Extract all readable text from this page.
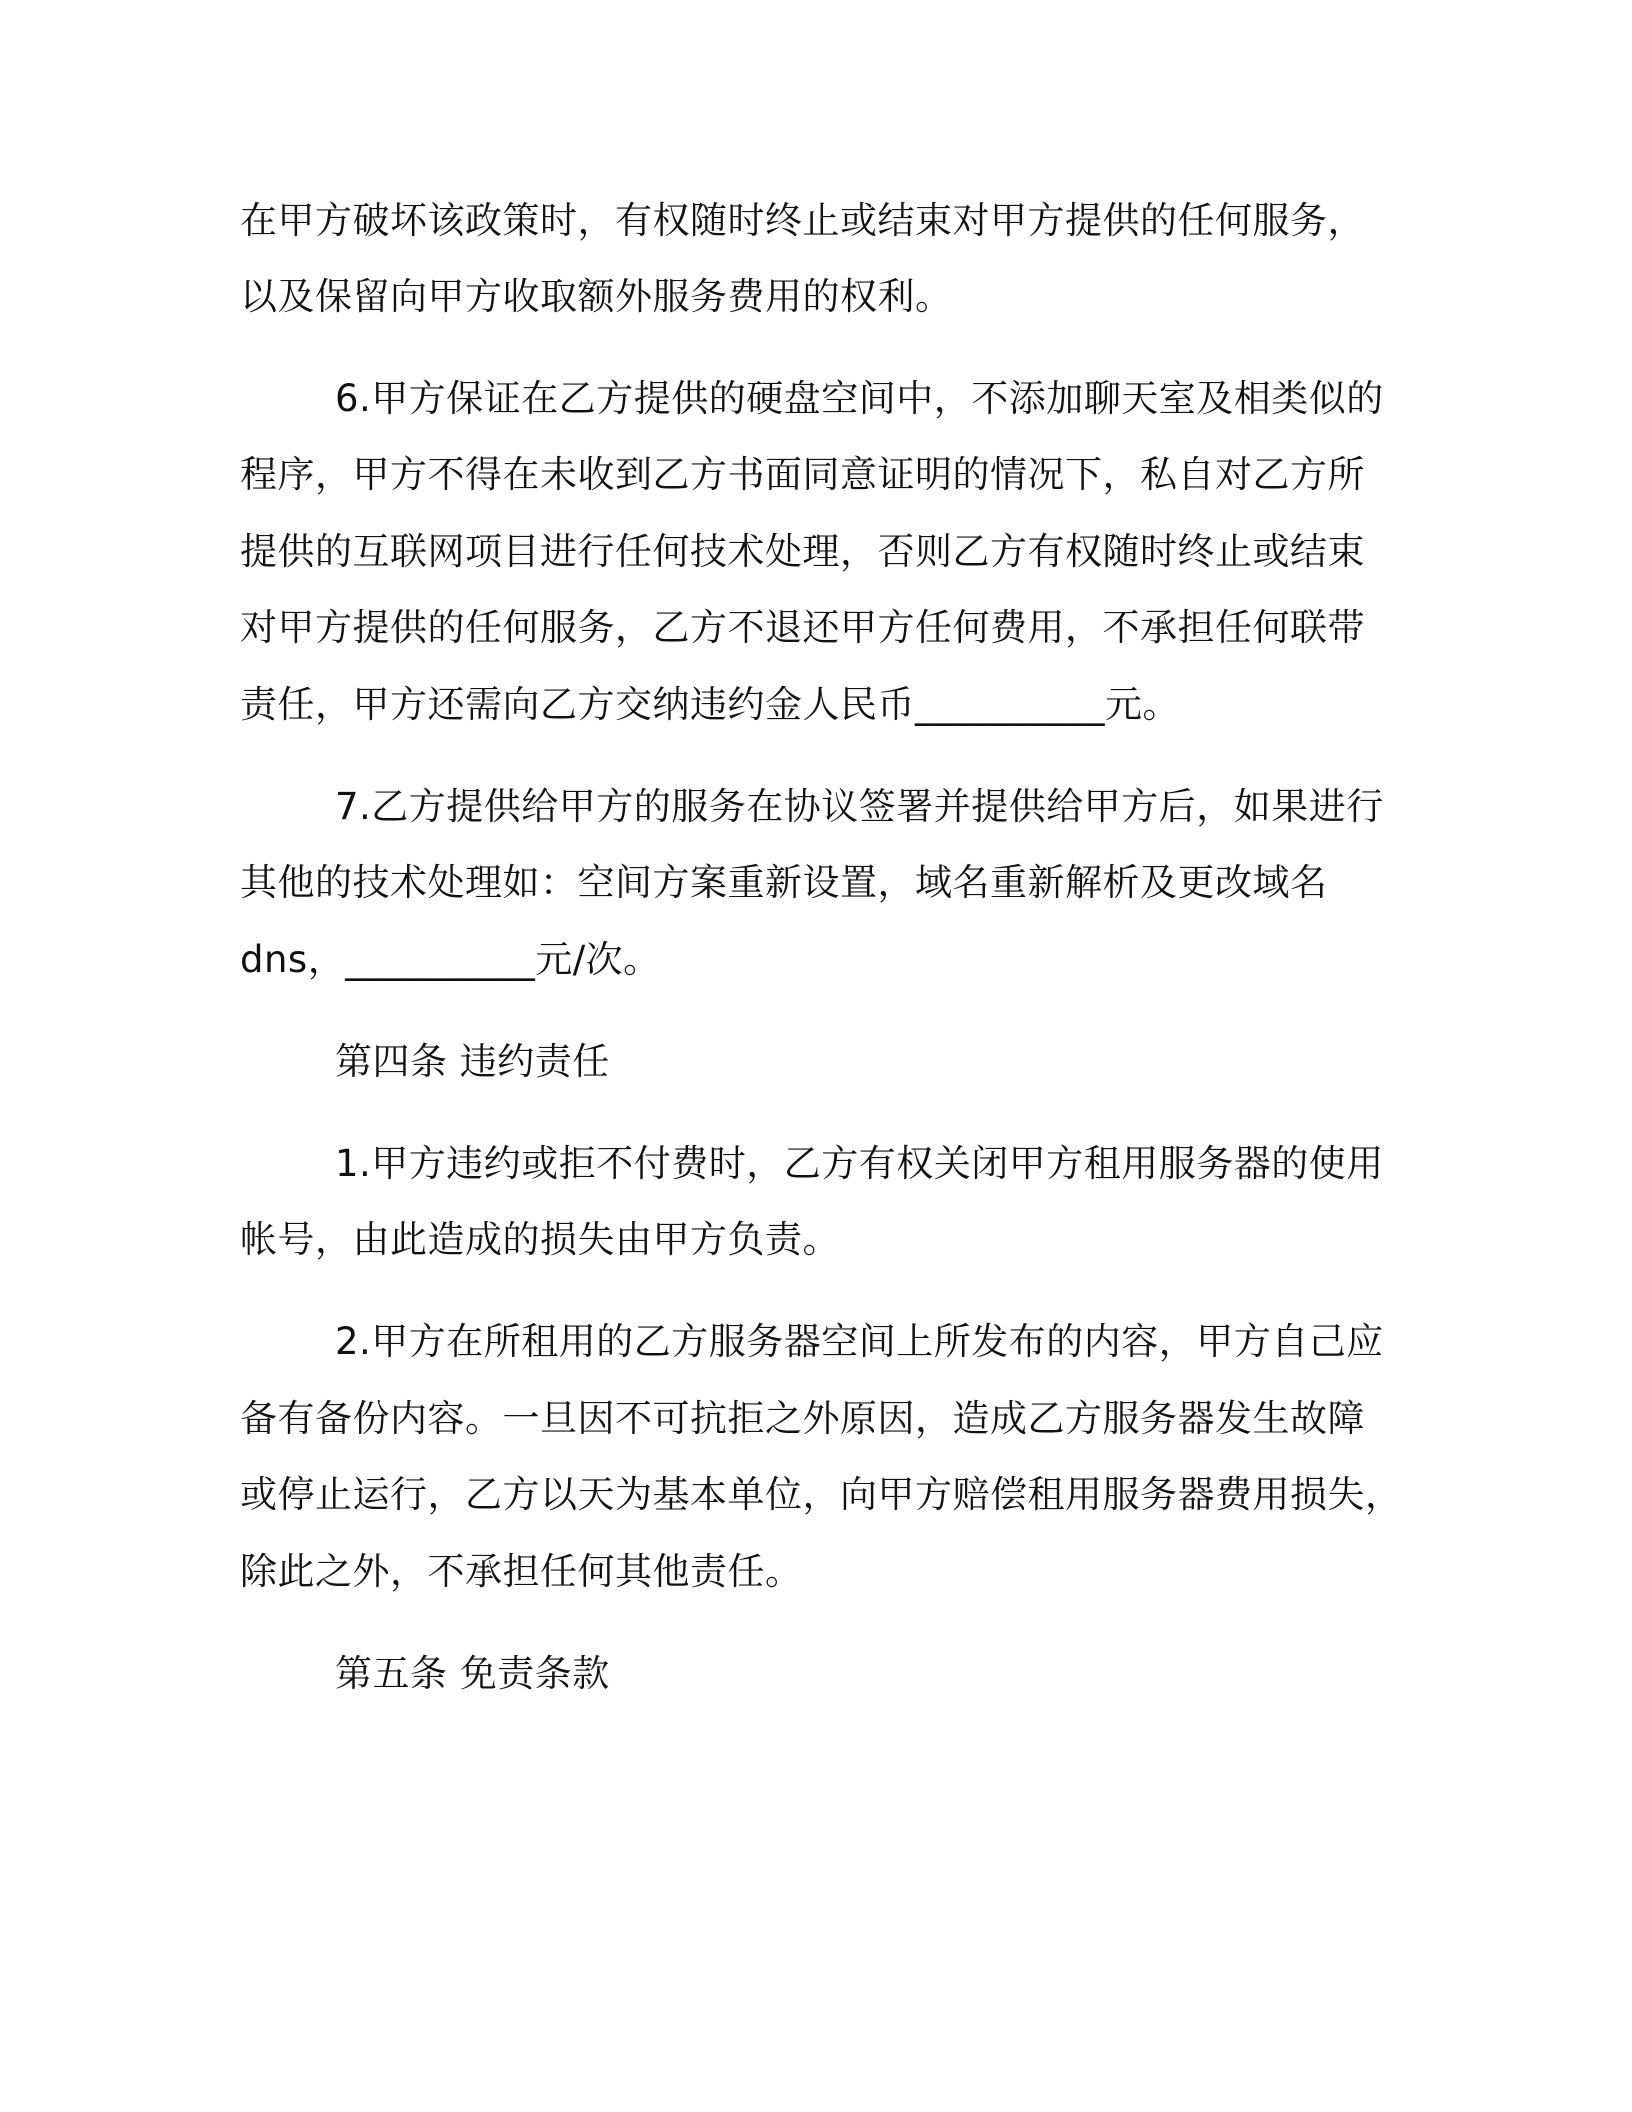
在甲方破坏该政策时，有权随时终止或结束对甲方提供的任何服务，
以及保留向甲方收取额外服务费用的权利。
6.甲方保证在乙方提供的硬盘空间中，不添加聊天室及相类似的
程序，甲方不得在未收到乙方书面同意证明的情况下，私自对乙方所
提供的互联网项目进行任何技术处理，否则乙方有权随时终止或结束
对甲方提供的任何服务，乙方不退还甲方任何费用，不承担任何联带
责任，甲方还需向乙方交纳违约金人民币__________元。
7.乙方提供给甲方的服务在协议签署并提供给甲方后，如果进行
其他的技术处理如：空间方案重新设置，域名重新解析及更改域名
dns，__________元/次。
第四条 违约责任
1.甲方违约或拒不付费时，乙方有权关闭甲方租用服务器的使用
帐号，由此造成的损失由甲方负责。
2.甲方在所租用的乙方服务器空间上所发布的内容，甲方自己应
备有备份内容。一旦因不可抗拒之外原因，造成乙方服务器发生故障
或停止运行，乙方以天为基本单位，向甲方赔偿租用服务器费用损失，
除此之外，不承担任何其他责任。
第五条 免责条款
